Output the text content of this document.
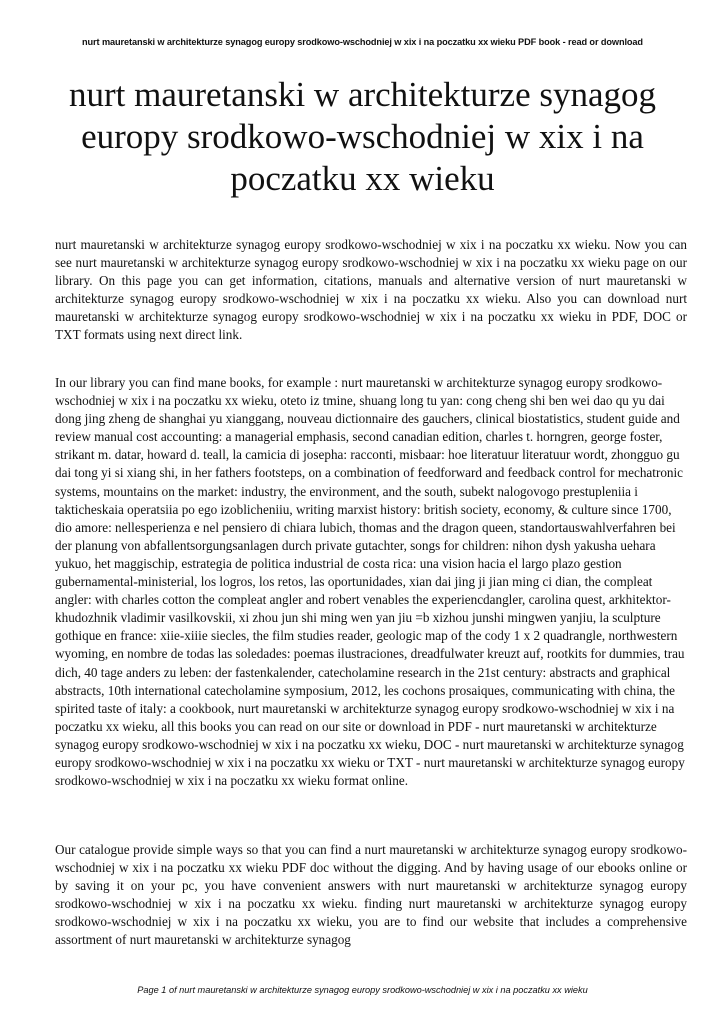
nurt mauretanski w architekturze synagog europy srodkowo-wschodniej w xix i na poczatku xx wieku PDF book - read or download
nurt mauretanski w architekturze synagog europy srodkowo-wschodniej w xix i na poczatku xx wieku

nurt mauretanski w architekturze synagog europy srodkowo-wschodniej w xix i na poczatku xx wieku. Now you can see nurt mauretanski w architekturze synagog europy srodkowo-wschodniej w xix i na poczatku xx wieku page on our library. On this page you can get information, citations, manuals and alternative version of nurt mauretanski w architekturze synagog europy srodkowo-wschodniej w xix i na poczatku xx wieku. Also you can download nurt mauretanski w architekturze synagog europy srodkowo-wschodniej w xix i na poczatku xx wieku in PDF, DOC or TXT formats using next direct link.

In our library you can find mane books, for example : nurt mauretanski w architekturze synagog europy srodkowo-wschodniej w xix i na poczatku xx wieku, oteto iz tmine, shuang long tu yan: cong cheng shi ben wei dao qu yu dai dong jing zheng de shanghai yu xianggang, nouveau dictionnaire des gauchers, clinical biostatistics, student guide and review manual cost accounting: a managerial emphasis, second canadian edition, charles t. horngren, george foster, strikant m. datar, howard d. teall, la camicia di josepha: racconti, misbaar: hoe literatuur literatuur wordt, zhongguo gu dai tong yi si xiang shi, in her fathers footsteps, on a combination of feedforward and feedback control for mechatronic systems, mountains on the market: industry, the environment, and the south, subekt nalogovogo prestupleniia i takticheskaia operatsiia po ego izoblicheniiu, writing marxist history: british society, economy, & culture since 1700, dio amore: nellesperienza e nel pensiero di chiara lubich, thomas and the dragon queen, standortauswahlverfahren bei der planung von abfallentsorgungsanlagen durch private gutachter, songs for children: nihon dysh yakusha uehara yukuo, het maggischip, estrategia de politica industrial de costa rica: una vision hacia el largo plazo gestion gubernamental-ministerial, los logros, los retos, las oportunidades, xian dai jing ji jian ming ci dian, the compleat angler: with charles cotton the compleat angler and robert venables the experiencdangler, carolina quest, arkhitektor-khudozhnik vladimir vasilkovskii, xi zhou jun shi ming wen yan jiu =b xizhou junshi mingwen yanjiu, la sculpture gothique en france: xiie-xiiie siecles, the film studies reader, geologic map of the cody 1 x 2 quadrangle, northwestern wyoming, en nombre de todas las soledades: poemas ilustraciones, dreadfulwater kreuzt auf, rootkits for dummies, trau dich, 40 tage anders zu leben: der fastenkalender, catecholamine research in the 21st century: abstracts and graphical abstracts, 10th international catecholamine symposium, 2012, les cochons prosaiques, communicating with china, the spirited taste of italy: a cookbook, nurt mauretanski w architekturze synagog europy srodkowo-wschodniej w xix i na poczatku xx wieku, all this books you can read on our site or download in PDF - nurt mauretanski w architekturze synagog europy srodkowo-wschodniej w xix i na poczatku xx wieku, DOC - nurt mauretanski w architekturze synagog europy srodkowo-wschodniej w xix i na poczatku xx wieku or TXT - nurt mauretanski w architekturze synagog europy srodkowo-wschodniej w xix i na poczatku xx wieku format online.

Our catalogue provide simple ways so that you can find a nurt mauretanski w architekturze synagog europy srodkowo-wschodniej w xix i na poczatku xx wieku PDF doc without the digging. And by having usage of our ebooks online or by saving it on your pc, you have convenient answers with nurt mauretanski w architekturze synagog europy srodkowo-wschodniej w xix i na poczatku xx wieku. finding nurt mauretanski w architekturze synagog europy srodkowo-wschodniej w xix i na poczatku xx wieku, you are to find our website that includes a comprehensive assortment of nurt mauretanski w architekturze synagog

Page 1 of nurt mauretanski w architekturze synagog europy srodkowo-wschodniej w xix i na poczatku xx wieku
